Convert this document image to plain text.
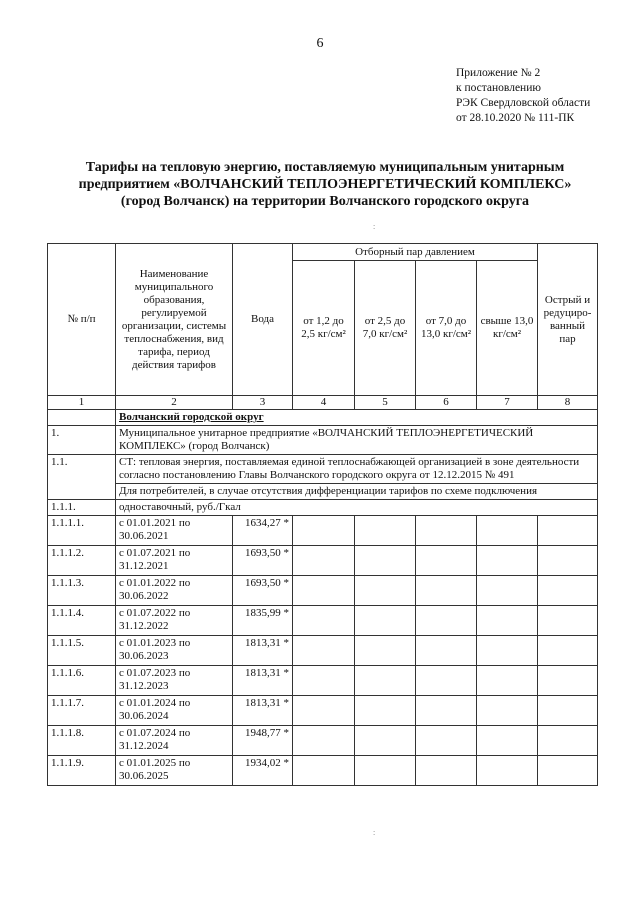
6
Приложение № 2
к постановлению
РЭК Свердловской области
от 28.10.2020 № 111-ПК
Тарифы на тепловую энергию, поставляемую муниципальным унитарным
предприятием «ВОЛЧАНСКИЙ ТЕПЛОЭНЕРГЕТИЧЕСКИЙ КОМПЛЕКС»
(город Волчанск) на территории Волчанского городского округа
:
№ п/п	Наименование муниципального образования, регулируемой организации, системы теплоснабжения, вид тарифа, период действия тарифов	Вода	Отборный пар давлением				Острый и редуциро-ванный пар
			от 1,2 до 2,5 кг/см²	от 2,5 до 7,0 кг/см²	от 7,0 до 13,0 кг/см²	свыше 13,0 кг/см²	
1	2	3	4	5	6	7	8
	Волчанский городской округ						
1.	Муниципальное унитарное предприятие «ВОЛЧАНСКИЙ ТЕПЛОЭНЕРГЕТИЧЕСКИЙ КОМПЛЕКС» (город Волчанск)						
1.1.	СТ: тепловая энергия, поставляемая единой теплоснабжающей организацией в зоне деятельности согласно постановлению Главы Волчанского городского округа от 12.12.2015 № 491						
	Для потребителей, в случае отсутствия дифференциации тарифов по схеме подключения						
1.1.1.	одноставочный, руб./Гкал						
1.1.1.1.	с 01.01.2021 по 30.06.2021	1634,27 *					
1.1.1.2.	с 01.07.2021 по 31.12.2021	1693,50 *					
1.1.1.3.	с 01.01.2022 по 30.06.2022	1693,50 *					
1.1.1.4.	с 01.07.2022 по 31.12.2022	1835,99 *					
1.1.1.5.	с 01.01.2023 по 30.06.2023	1813,31 *					
1.1.1.6.	с 01.07.2023 по 31.12.2023	1813,31 *					
1.1.1.7.	с 01.01.2024 по 30.06.2024	1813,31 *					
1.1.1.8.	с 01.07.2024 по 31.12.2024	1948,77 *					
1.1.1.9.	с 01.01.2025 по 30.06.2025	1934,02 *					
:
